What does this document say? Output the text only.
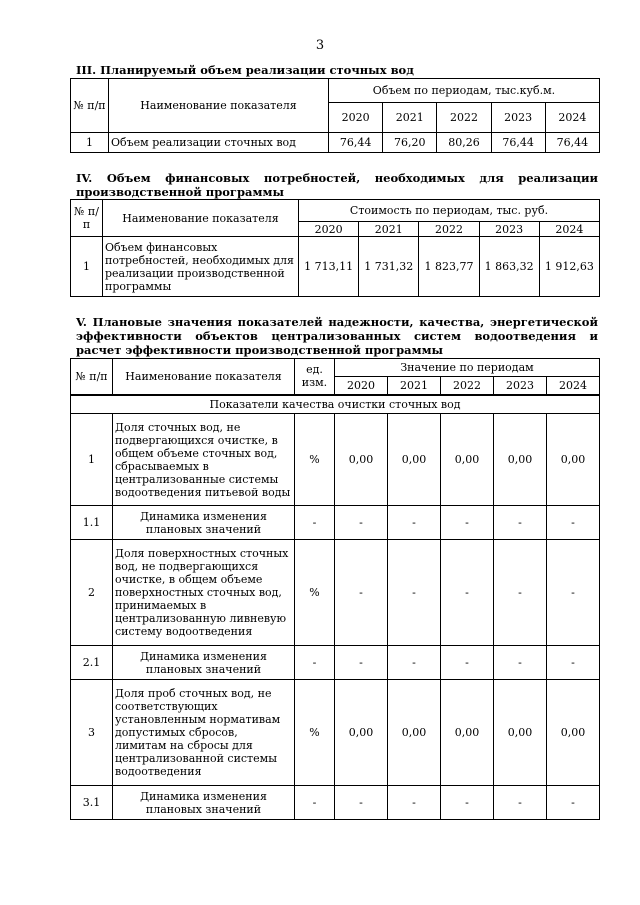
3
III. Планируемый объем реализации сточных вод
№ п/п	Наименование показателя	Объем по периодам, тыс.куб.м.				
		2020	2021	2022	2023	2024
1	Объем реализации сточных вод	76,44	76,20	80,26	76,44	76,44
IV. Объем финансовых потребностей, необходимых для реализации производственной программы
№ п/п	Наименование показателя	Стоимость по периодам, тыс. руб.				
		2020	2021	2022	2023	2024
1	Объем финансовых потребностей, необходимых для реализации производственной программы	1 713,11	1 731,32	1 823,77	1 863,32	1 912,63
V. Плановые значения показателей надежности, качества, энергетической эффективности объектов централизованных систем водоотведения и расчет эффективности производственной программы
№ п/п	Наименование показателя	ед. изм.	Значение по периодам				
			2020	2021	2022	2023	2024
Показатели качества очистки сточных вод							
1	Доля сточных вод, не подвергающихся очистке, в общем объеме сточных вод, сбрасываемых в централизованные системы водоотведения питьевой воды	%	0,00	0,00	0,00	0,00	0,00
1.1	Динамика изменения плановых значений	-	-	-	-	-	-
2	Доля поверхностных сточных вод, не подвергающихся очистке, в общем объеме поверхностных сточных вод, принимаемых в централизованную ливневую систему водоотведения	%	-	-	-	-	-
2.1	Динамика изменения плановых значений	-	-	-	-	-	-
3	Доля проб сточных вод, не соответствующих установленным нормативам допустимых сбросов, лимитам на сбросы для централизованной системы водоотведения	%	0,00	0,00	0,00	0,00	0,00
3.1	Динамика изменения плановых значений	-	-	-	-	-	-
